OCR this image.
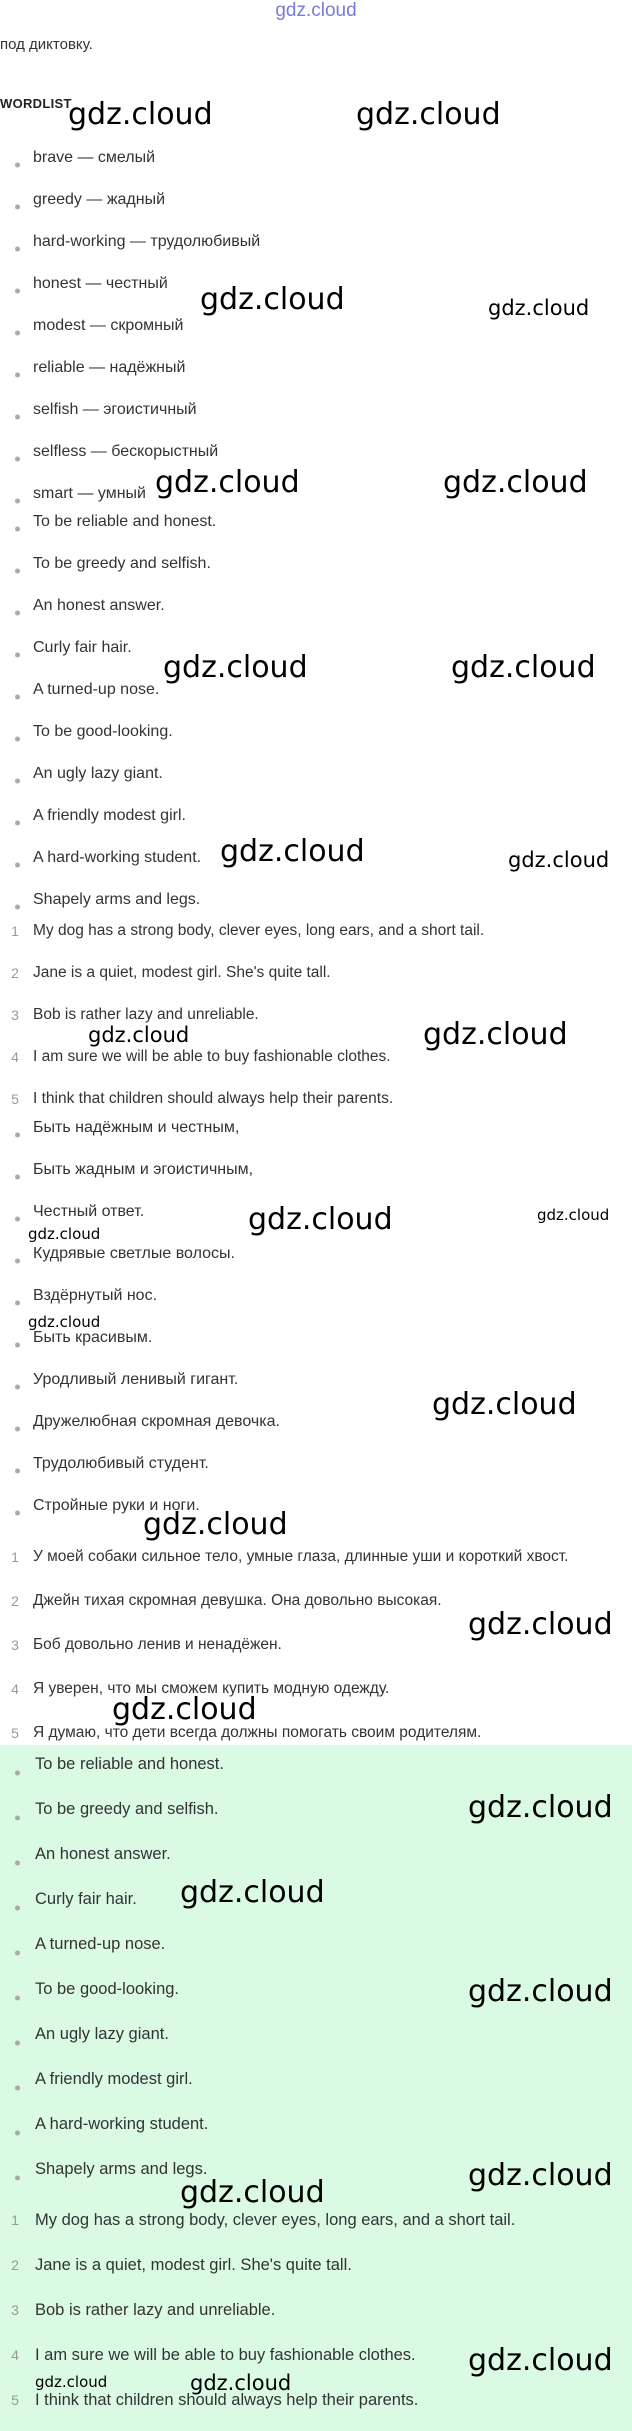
gdz.cloud
под диктовку.
WORDLIST
brave — смелый
greedy — жадный
hard-working — трудолюбивый
honest — честный
modest — скромный
reliable — надёжный
selfish — эгоистичный
selfless — бескорыстный
smart — умный
To be reliable and honest.
To be greedy and selfish.
An honest answer.
Curly fair hair.
A turned-up nose.
To be good-looking.
An ugly lazy giant.
A friendly modest girl.
A hard-working student.
Shapely arms and legs.
1 My dog has a strong body, clever eyes, long ears, and a short tail.
2 Jane is a quiet, modest girl. She's quite tall.
3 Bob is rather lazy and unreliable.
4 I am sure we will be able to buy fashionable clothes.
5 I think that children should always help their parents.
Быть надёжным и честным,
Быть жадным и эгоистичным,
Честный ответ.
Кудрявые светлые волосы.
Вздёрнутый нос.
Быть красивым.
Уродливый ленивый гигант.
Дружелюбная скромная девочка.
Трудолюбивый студент.
Стройные руки и ноги.
1 У моей собаки сильное тело, умные глаза, длинные уши и короткий хвост.
2 Джейн тихая скромная девушка. Она довольно высокая.
3 Боб довольно ленив и ненадёжен.
4 Я уверен, что мы сможем купить модную одежду.
5 Я думаю, что дети всегда должны помогать своим родителям.
To be reliable and honest.
To be greedy and selfish.
An honest answer.
Curly fair hair.
A turned-up nose.
To be good-looking.
An ugly lazy giant.
A friendly modest girl.
A hard-working student.
Shapely arms and legs.
1 My dog has a strong body, clever eyes, long ears, and a short tail.
2 Jane is a quiet, modest girl. She's quite tall.
3 Bob is rather lazy and unreliable.
4 I am sure we will be able to buy fashionable clothes.
5 I think that children should always help their parents.
gdz.cloud	gdz.cloud
gdz.cloud	gdz.cloud
gdz.cloud	gdz.cloud
gdz.cloud	gdz.cloud
gdz.cloud	gdz.cloud
gdz.cloud	gdz.cloud
gdz.cloud	gdz.cloud
gdz.cloud
gdz.cloud
gdz.cloud
gdz.cloud
gdz.cloud
gdz.cloud
gdz.cloud
gdz.cloud
gdz.cloud
gdz.cloud
gdz.cloud
gdz.cloud
gdz.cloud
gdz.cloud
